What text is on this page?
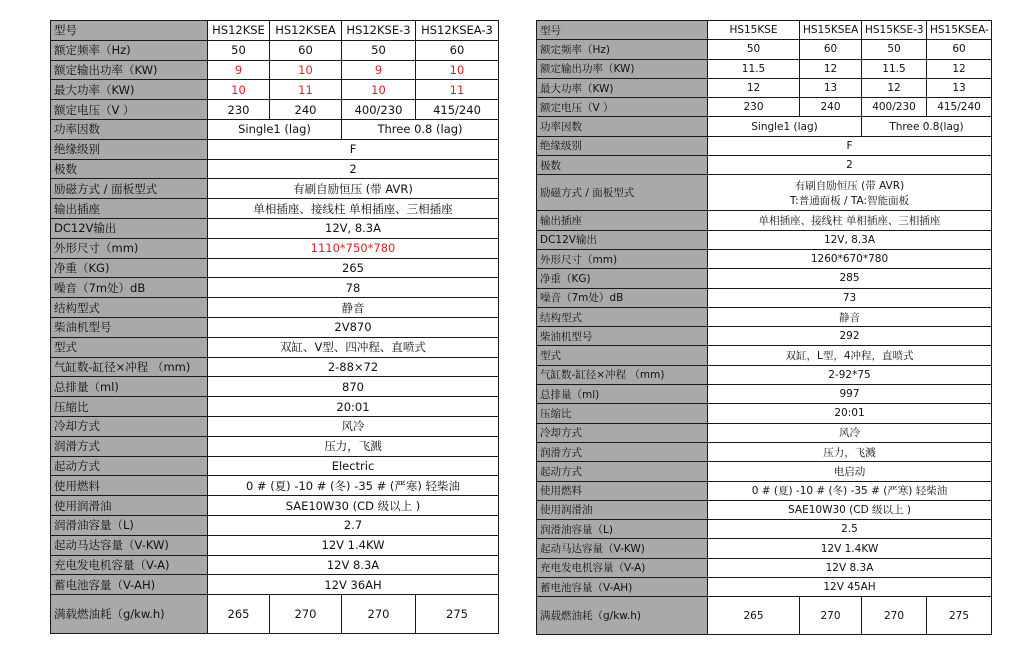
型号	HS12KSE	HS12KSEA	HS12KSE-3	HS12KSEA-3
额定频率（Hz)	50	60	50	60
额定输出功率（KW)	9	10	9	10
最大功率（KW)	10	11	10	11
额定电压（V ）	230	240	400/230	415/240
功率因数	Single1 (lag)		Three 0.8 (lag)	
绝缘级别	F			

极数	2			

励磁方式 / 面板型式	有刷自励恒压 (带 AVR)			

输出插座	单相插座、接线柱 单相插座、三相插座			

DC12V输出	12V, 8.3A			

外形尺寸（mm)	1110*750*780			

净重（KG)	265			

噪音（7m处）dB	78			

结构型式	静音			

柴油机型号	2V870			

型式	双缸、V型、四冲程、直喷式			

气缸数-缸径×冲程 （mm)	2-88×72			

总排量（ml)	870			

压缩比	20:01			

冷却方式	风冷			

润滑方式	压力，飞溅			

起动方式	Electric			

使用燃料	0 # (夏) -10 # (冬) -35 # (严寒) 轻柴油			

使用润滑油	SAE10W30 (CD 级以上 )			

润滑油容量（L)	2.7			

起动马达容量（V-KW)	12V 1.4KW			

充电发电机容量（V-A)	12V 8.3A			

蓄电池容量（V-AH)	12V 36AH			

满载燃油耗（g/kw.h)	265	270	270	275
型号	HS15KSE	HS15KSEA	HS15KSE-3	HS15KSEA-
额定频率（Hz)	50	60	50	60
额定输出功率（KW)	11.5	12	11.5	12
最大功率（KW)	12	13	12	13
额定电压（V ）	230	240	400/230	415/240
功率因数	Single1 (lag)		Three 0.8(lag)	
绝缘级别	F			

极数	2			

励磁方式 / 面板型式	有刷自励恒压 (带 AVR)
T:普通面板 / TA:智能面板			

输出插座	单相插座、接线柱 单相插座、三相插座			

DC12V输出	12V, 8.3A			

外形尺寸（mm)	1260*670*780			

净重（KG)	285			

噪音（7m处）dB	73			

结构型式	静音			

柴油机型号	292			

型式	双缸，L型，4冲程，直喷式			

气缸数-缸径×冲程 （mm)	2-92*75			

总排量（ml)	997			

压缩比	20:01			

冷却方式	风冷			

润滑方式	压力，飞溅			

起动方式	电启动			

使用燃料	0 # (夏) -10 # (冬) -35 # (严寒) 轻柴油			

使用润滑油	SAE10W30 (CD 级以上 )			

润滑油容量（L)	2.5			

起动马达容量（V-KW)	12V 1.4KW			

充电发电机容量（V-A)	12V 8.3A			

蓄电池容量（V-AH)	12V 45AH			

满载燃油耗（g/kw.h)	265	270	270	275
